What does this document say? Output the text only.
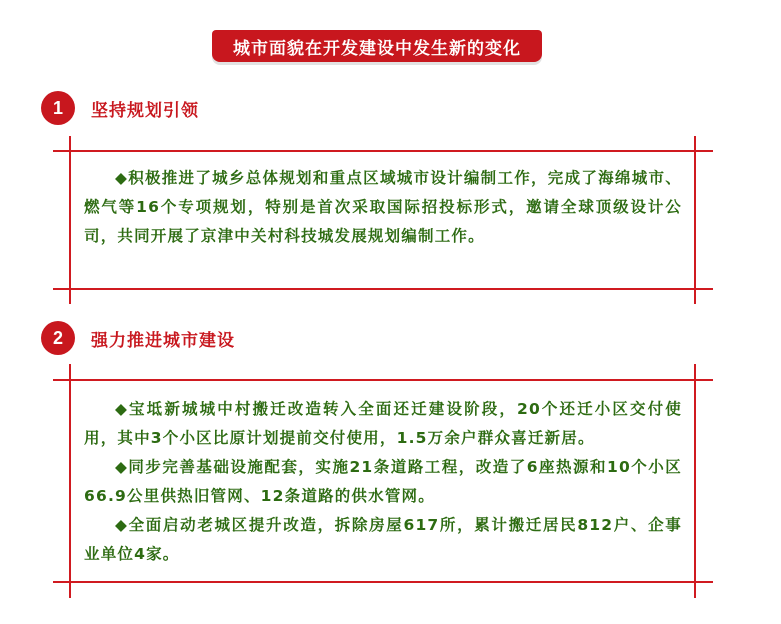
城市面貌在开发建设中发生新的变化
1	坚持规划引领

◆积极推进了城乡总体规划和重点区域城市设计编制工作，完成了海绵城市、燃气等16个专项规划，特别是首次采取国际招投标形式，邀请全球顶级设计公司，共同开展了京津中关村科技城发展规划编制工作。

2	强力推进城市建设

◆宝坻新城城中村搬迁改造转入全面还迁建设阶段，20个还迁小区交付使用，其中3个小区比原计划提前交付使用，1.5万余户群众喜迁新居。

◆同步完善基础设施配套，实施21条道路工程，改造了6座热源和10个小区66.9公里供热旧管网、12条道路的供水管网。

◆全面启动老城区提升改造，拆除房屋617所，累计搬迁居民812户、企事业单位4家。
